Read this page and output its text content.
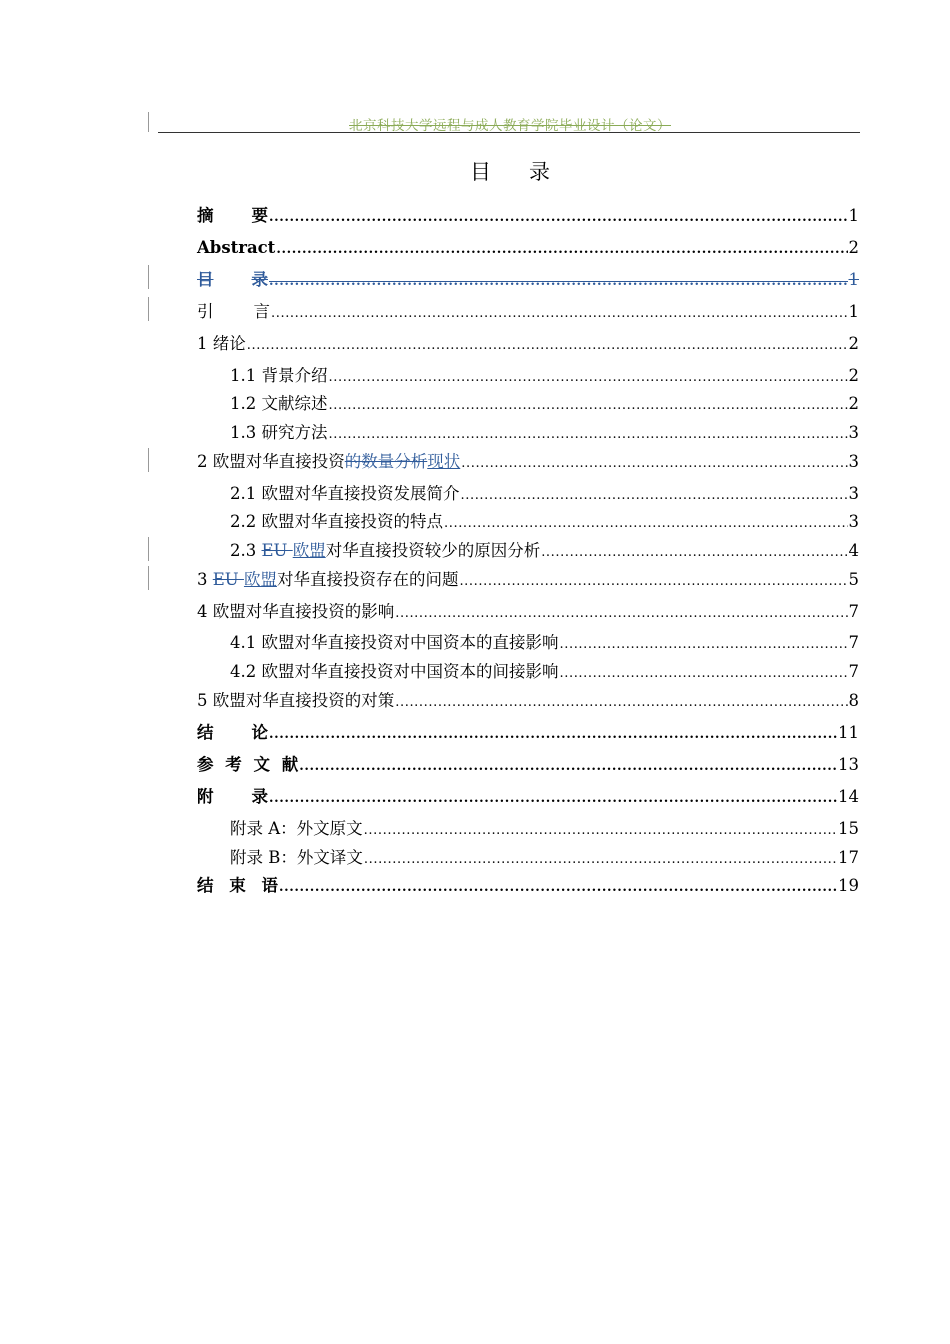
北京科技大学远程与成人教育学院毕业设计（论文）
目 录
摘 要 .....	1
Abstract .....	2
目 录 .....	1
引 言 .....	1
1 绪论 .....	2
1.1 背景介绍 .....	2
1.2 文献综述 .....	2
1.3 研究方法 .....	3
2 欧盟对华直接投资的数量分析现状 .....	3
2.1 欧盟对华直接投资发展简介 .....	3
2.2 欧盟对华直接投资的特点 .....	3
2.3 EU 欧盟对华直接投资较少的原因分析 .....	4
3 EU 欧盟对华直接投资存在的问题 .....	5
4 欧盟对华直接投资的影响 .....	7
4.1 欧盟对华直接投资对中国资本的直接影响 .....	7
4.2 欧盟对华直接投资对中国资本的间接影响 .....	7
5 欧盟对华直接投资的对策 .....	8
结 论 .....	11
参 考 文 献 .....	13
附 录 .....	14
附录 A：外文原文 .....	15
附录 B：外文译文 .....	17
结 束 语 .....	19
